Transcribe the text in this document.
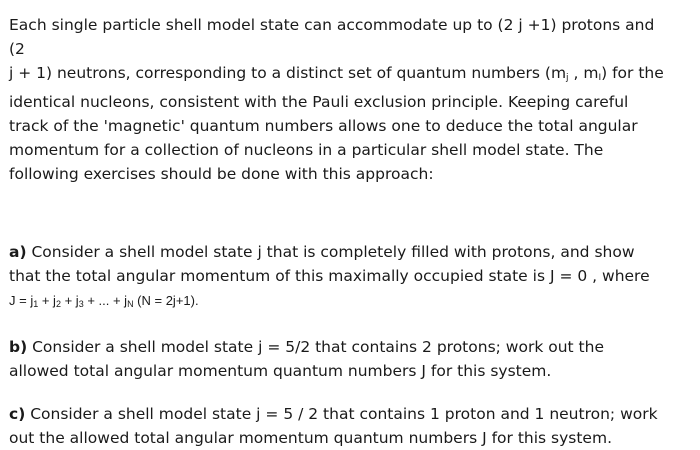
Each single particle shell model state can accommodate up to (2 j +1) protons and (2
j + 1) neutrons, corresponding to a distinct set of quantum numbers ($m_j$ , $m_I$) for the
identical nucleons, consistent with the Pauli exclusion principle. Keeping careful
track of the 'magnetic' quantum numbers allows one to deduce the total angular
momentum for a collection of nucleons in a particular shell model state. The
following exercises should be done with this approach:

a) Consider a shell model state j that is completely filled with protons, and show
that the total angular momentum of this maximally occupied state is J = 0 , where
$J = j_1 + j_2 + j_3$ + ... + $j_N$ (N = 2j+1).

b) Consider a shell model state j = 5/2 that contains 2 protons; work out the
allowed total angular momentum quantum numbers J for this system.

c) Consider a shell model state j = 5 / 2 that contains 1 proton and 1 neutron; work
out the allowed total angular momentum quantum numbers J for this system.
